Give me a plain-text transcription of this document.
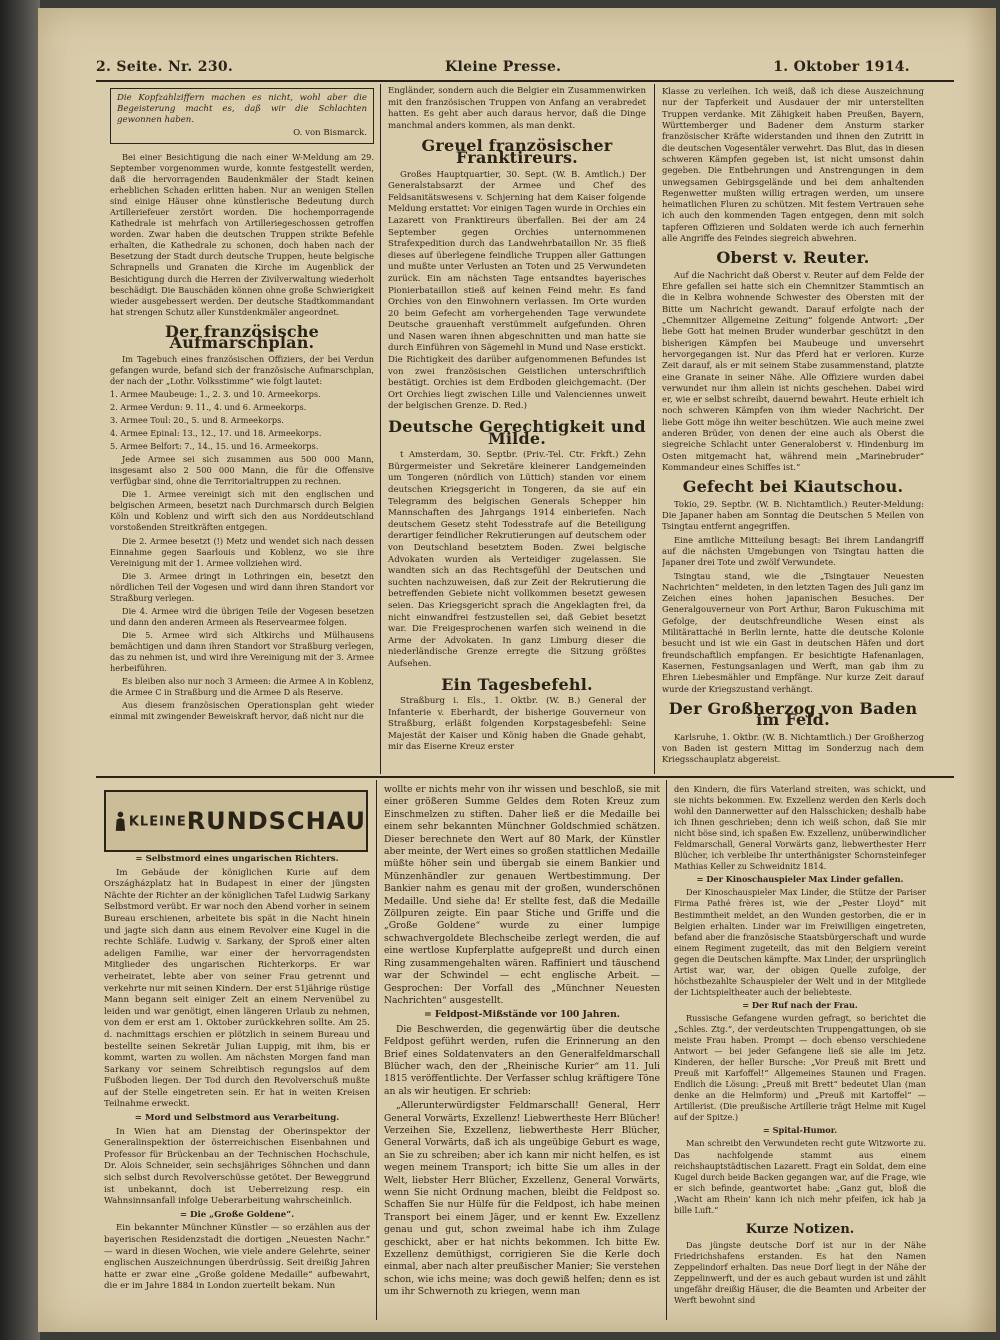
2. Seite. Nr. 230.	Kleine Presse.	1. Oktober 1914.
Die Kopfzahlziffern machen es nicht, wohl aber die Begeisterung macht es, daß wir die Schlachten gewonnen haben.
O. von Bismarck.

Bei einer Besichtigung die nach einer W-Meldung am 29. September vorgenommen wurde, konnte festgestellt werden, daß die hervorragenden Baudenkmäler der Stadt keinen erheblichen Schaden erlitten haben. Nur an wenigen Stellen sind einige Häuser ohne künstlerische Bedeutung durch Artilleriefeuer zerstört worden. Die hochemporragende Kathedrale ist mehrfach von Artilleriegeschossen getroffen worden. Zwar haben die deutschen Truppen strikte Befehle erhalten, die Kathedrale zu schonen, doch haben nach der Besetzung der Stadt durch deutsche Truppen, heute belgische Schrapnells und Granaten die Kirche im Augenblick der Besichtigung durch die Herren der Zivilverwaltung wiederholt beschädigt. Die Bauschäden können ohne große Schwierigkeit wieder ausgebessert werden. Der deutsche Stadtkommandant hat strengen Schutz aller Kunstdenkmäler angeordnet.

Der französische Aufmarschplan.

Im Tagebuch eines französischen Offiziers, der bei Verdun gefangen wurde, befand sich der französische Aufmarschplan, der nach der „Lothr. Volksstimme“ wie folgt lautet:

1. Armee Maubeuge: 1., 2. 3. und 10. Armeekorps.

2. Armee Verdun: 9. 11., 4. und 6. Armeekorps.

3. Armee Toul: 20., 5. und 8. Armeekorps.

4. Armee Epinal: 13., 12., 17. und 18. Armeekorps.

5. Armee Belfort: 7., 14., 15. und 16. Armeekorps.

Jede Armee sei sich zusammen aus 500 000 Mann, insgesamt also 2 500 000 Mann, die für die Offensive verfügbar sind, ohne die Territorialtruppen zu rechnen.

Die 1. Armee vereinigt sich mit den englischen und belgischen Armeen, besetzt nach Durchmarsch durch Belgien Köln und Koblenz und wirft sich den aus Norddeutschland vorstoßenden Streitkräften entgegen.

Die 2. Armee besetzt (!) Metz und wendet sich nach dessen Einnahme gegen Saarlouis und Koblenz, wo sie ihre Vereinigung mit der 1. Armee vollziehen wird.

Die 3. Armee dringt in Lothringen ein, besetzt den nördlichen Teil der Vogesen und wird dann ihren Standort vor Straßburg verlegen.

Die 4. Armee wird die übrigen Teile der Vogesen besetzen und dann den anderen Armeen als Reservearmee folgen.

Die 5. Armee wird sich Altkirchs und Mülhausens bemächtigen und dann ihren Standort vor Straßburg verlegen, das zu nehmen ist, und wird ihre Vereinigung mit der 3. Armee herbeiführen.

Es bleiben also nur noch 3 Armeen: die Armee A in Koblenz, die Armee C in Straßburg und die Armee D als Reserve.

Aus diesem französischen Operationsplan geht wieder einmal mit zwingender Beweiskraft hervor, daß nicht nur die

Engländer, sondern auch die Belgier ein Zusammenwirken mit den französischen Truppen von Anfang an verabredet hatten. Es geht aber auch daraus hervor, daß die Dinge manchmal anders kommen, als man denkt.

Greuel französischer Franktireurs.

Großes Hauptquartier, 30. Sept. (W. B. Amtlich.) Der Generalstabsarzt der Armee und Chef des Feldsanitätswesens v. Schjerning hat dem Kaiser folgende Meldung erstattet: Vor einigen Tagen wurde in Orchies ein Lazarett von Franktireurs überfallen. Bei der am 24 September gegen Orchies unternommenen Strafexpedition durch das Landwehrbataillon Nr. 35 fließ dieses auf überlegene feindliche Truppen aller Gattungen und mußte unter Verlusten an Toten und 25 Verwundeten zurück. Ein am nächsten Tage entsandtes bayerisches Pionierbataillon stieß auf keinen Feind mehr. Es fand Orchies von den Einwohnern verlassen. Im Orte wurden 20 beim Gefecht am vorhergehenden Tage verwundete Deutsche grauenhaft verstümmelt aufgefunden. Ohren und Nasen waren ihnen abgeschnitten und man hatte sie durch Einführen von Sägemehl in Mund und Nase erstickt. Die Richtigkeit des darüber aufgenommenen Befundes ist von zwei französischen Geistlichen unterschriftlich bestätigt. Orchies ist dem Erdboden gleichgemacht. (Der Ort Orchies liegt zwischen Lille und Valenciennes unweit der belgischen Grenze. D. Red.)

Deutsche Gerechtigkeit und Milde.

t Amsterdam, 30. Septbr. (Priv.-Tel. Ctr. Frkft.) Zehn Bürgermeister und Sekretäre kleinerer Landgemeinden um Tongeren (nördlich von Lüttich) standen vor einem deutschen Kriegsgericht in Tongeren, da sie auf ein Telegramm des belgischen Generals Schepper hin Mannschaften des Jahrgangs 1914 einberiefen. Nach deutschem Gesetz steht Todesstrafe auf die Beteiligung derartiger feindlicher Rekrutierungen auf deutschem oder von Deutschland besetztem Boden. Zwei belgische Advokaten wurden als Verteidiger zugelassen. Sie wandten sich an das Rechtsgefühl der Deutschen und suchten nachzuweisen, daß zur Zeit der Rekrutierung die betreffenden Gebiete nicht vollkommen besetzt gewesen seien. Das Kriegsgericht sprach die Angeklagten frei, da nicht einwandfrei festzustellen sei, daß Gebiet besetzt war. Die Freigesprochenen warfen sich weinend in die Arme der Advokaten. In ganz Limburg dieser die niederländische Grenze erregte die Sitzung größtes Aufsehen.

Ein Tagesbefehl.

Straßburg i. Els., 1. Oktbr. (W. B.) General der Infanterie v. Eberhardt, der bisherige Gouverneur von Straßburg, erläßt folgenden Korpstagesbefehl: Seine Majestät der Kaiser und König haben die Gnade gehabt, mir das Eiserne Kreuz erster

Klasse zu verleihen. Ich weiß, daß ich diese Auszeichnung nur der Tapferkeit und Ausdauer der mir unterstellten Truppen verdanke. Mit Zähigkeit haben Preußen, Bayern, Württemberger und Badener dem Ansturm starker französischer Kräfte widerstanden und ihnen den Zutritt in die deutschen Vogesentäler verwehrt. Das Blut, das in diesen schweren Kämpfen gegeben ist, ist nicht umsonst dahin gegeben. Die Entbehrungen und Anstrengungen in dem unwegsamen Gebirgsgelände und bei dem anhaltenden Regenwetter mußten willig ertragen werden, um unsere heimatlichen Fluren zu schützen. Mit festem Vertrauen sehe ich auch den kommenden Tagen entgegen, denn mit solch tapferen Offizieren und Soldaten werde ich auch fernerhin alle Angriffe des Feindes siegreich abwehren.

Oberst v. Reuter.

Auf die Nachricht daß Oberst v. Reuter auf dem Felde der Ehre gefallen sei hatte sich ein Chemnitzer Stammtisch an die in Kelbra wohnende Schwester des Obersten mit der Bitte um Nachricht gewandt. Darauf erfolgte nach der „Chemnitzer Allgemeine Zeitung“ folgende Antwort: „Der liebe Gott hat meinen Bruder wunderbar geschützt in den bisherigen Kämpfen bei Maubeuge und unversehrt hervorgegangen ist. Nur das Pferd hat er verloren. Kurze Zeit darauf, als er mit seinem Stabe zusammenstand, platzte eine Granate in seiner Nähe. Alle Offiziere wurden dabei verwundet nur ihm allein ist nichts geschehen. Dabei wird er, wie er selbst schreibt, dauernd bewahrt. Heute erhielt ich noch schweren Kämpfen von ihm wieder Nachricht. Der liebe Gott möge ihn weiter beschützen. Wie auch meine zwei anderen Brüder, von denen der eine auch als Oberst die siegreiche Schlacht unter Generaloberst v. Hindenburg im Osten mitgemacht hat, während mein „Marinebruder“ Kommandeur eines Schiffes ist.“

Gefecht bei Kiautschou.

Tokio, 29. Septbr. (W. B. Nichtamtlich.) Reuter-Meldung: Die Japaner haben am Sonntag die Deutschen 5 Meilen von Tsingtau entfernt angegriffen.

Eine amtliche Mitteilung besagt: Bei ihrem Landangriff auf die nächsten Umgebungen von Tsingtau hatten die Japaner drei Tote und zwölf Verwundete.

Tsingtau stand, wie die „Tsingtauer Neuesten Nachrichten“ meldeten, in den letzten Tagen des Juli ganz im Zeichen eines hohen japanischen Besuches. Der Generalgouverneur von Port Arthur, Baron Fukuschima mit Gefolge, der deutschfreundliche Wesen einst als Militärattaché in Berlin lernte, hatte die deutsche Kolonie besucht und ist wie ein Gast in deutschen Häfen und dort freundschaftlich empfangen. Er besichtigte Hafenanlagen, Kasernen, Festungsanlagen und Werft, man gab ihm zu Ehren Liebesmähler und Empfänge. Nur kurze Zeit darauf wurde der Kriegszustand verhängt.

Der Großherzog von Baden im Feld.

Karlsruhe, 1. Oktbr. (W. B. Nichtamtlich.) Der Großherzog von Baden ist gestern Mittag im Sonderzug nach dem Kriegsschauplatz abgereist.

KLEINERUNDSCHAU

= Selbstmord eines ungarischen Richters.

Im Gebäude der königlichen Kurie auf dem Országházplatz hat in Budapest in einer der jüngsten Nächte der Richter an der königlichen Tafel Ludwig Sarkany Selbstmord verübt. Er war noch den Abend vorher in seinem Bureau erschienen, arbeitete bis spät in die Nacht hinein und jagte sich dann aus einem Revolver eine Kugel in die rechte Schläfe. Ludwig v. Sarkany, der Sproß einer alten adeligen Familie, war einer der hervorragendsten Mitglieder des ungarischen Richterkorps. Er war verheiratet, lebte aber von seiner Frau getrennt und verkehrte nur mit seinen Kindern. Der erst 51jährige rüstige Mann begann seit einiger Zeit an einem Nervenübel zu leiden und war genötigt, einen längeren Urlaub zu nehmen, von dem er erst am 1. Oktober zurückkehren sollte. Am 25. d. nachmittags erschien er plötzlich in seinem Bureau und bestellte seinen Sekretär Julian Luppig, mit ihm, bis er kommt, warten zu wollen. Am nächsten Morgen fand man Sarkany vor seinem Schreibtisch regungslos auf dem Fußboden liegen. Der Tod durch den Revolverschuß mußte auf der Stelle eingetreten sein. Er hat in weiten Kreisen Teilnahme erweckt.

= Mord und Selbstmord aus Verarbeitung.

In Wien hat am Dienstag der Oberinspektor der Generalinspektion der österreichischen Eisenbahnen und Professor für Brückenbau an der Technischen Hochschule, Dr. Alois Schneider, sein sechsjähriges Söhnchen und dann sich selbst durch Revolverschüsse getötet. Der Beweggrund ist unbekannt, doch ist Ueberreizung resp. ein Wahnsinnsanfall infolge Ueberarbeitung wahrscheinlich.

= Die „Große Goldene“.

Ein bekannter Münchner Künstler — so erzählen aus der bayerischen Residenzstadt die dortigen „Neuesten Nachr.“ — ward in diesen Wochen, wie viele andere Gelehrte, seiner englischen Auszeichnungen überdrüssig. Seit dreißig Jahren hatte er zwar eine „Große goldene Medaille“ aufbewahrt, die er im Jahre 1884 in London zuerteilt bekam. Nun

wollte er nichts mehr von ihr wissen und beschloß, sie mit einer größeren Summe Geldes dem Roten Kreuz zum Einschmelzen zu stiften. Daher ließ er die Medaille bei einem sehr bekannten Münchner Goldschmied schätzen. Dieser berechnete den Wert auf 80 Mark, der Künstler aber meinte, der Wert eines so großen stattlichen Medaille müßte höher sein und übergab sie einem Bankier und Münzenhändler zur genauen Wertbestimmung. Der Bankier nahm es genau mit der großen, wunderschönen Medaille. Und siehe da! Er stellte fest, daß die Medaille Zöllpuren zeigte. Ein paar Stiche und Griffe und die „Große Goldene“ wurde zu einer lumpige schwachvergoldete Blechscheibe zerlegt werden, die auf eine wertlose Kupferplatte aufgepreßt und durch einen Ring zusammengehalten wären. Raffiniert und täuschend war der Schwindel — echt englische Arbeit. — Gesprochen: Der Vorfall des „Münchner Neuesten Nachrichten“ ausgestellt.

= Feldpost-Mißstände vor 100 Jahren.

Die Beschwerden, die gegenwärtig über die deutsche Feldpost geführt werden, rufen die Erinnerung an den Brief eines Soldatenvaters an den Generalfeldmarschall Blücher wach, den der „Rheinische Kurier“ am 11. Juli 1815 veröffentlichte. Der Verfasser schlug kräftigere Töne an als wir heutigen. Er schrieb:

„Allerunterwürdigster Feldmarschall! General, Herr General Vorwärts, Exzellenz! Liebwertheste Herr Blücher! Verzeihen Sie, Exzellenz, liebwertheste Herr Blücher, General Vorwärts, daß ich als ungeübige Geburt es wage, an Sie zu schreiben; aber ich kann mir nicht helfen, es ist wegen meinem Transport; ich bitte Sie um alles in der Welt, liebster Herr Blücher, Exzellenz, General Vorwärts, wenn Sie nicht Ordnung machen, bleibt die Feldpost so. Schaffen Sie nur Hülfe für die Feldpost, ich habe meinen Transport bei einem Jäger, und er kennt Ew. Exzellenz genau und gut, schon zweimal habe ich ihm Zulage geschickt, aber er hat nichts bekommen. Ich bitte Ew. Exzellenz demüthigst, corrigieren Sie die Kerle doch einmal, aber nach alter preußischer Manier; Sie verstehen schon, wie ichs meine; was doch gewiß helfen; denn es ist um ihr Schwernoth zu kriegen, wenn man

den Kindern, die fürs Vaterland streiten, was schickt, und sie nichts bekommen. Ew. Exzellenz werden den Kerls doch wohl den Dannerwetter auf den Halsschicken; deshalb habe ich Ihnen geschrieben; denn ich weiß schon, daß Sie mir nicht böse sind, ich spaßen Ew. Exzellenz, unüberwindlicher Feldmarschall, General Vorwärts ganz, liebwerthester Herr Blücher, ich verbleibe Ihr unterthänigster Schornsteinfeger Mathias Keller zu Schweidnitz 1814.

= Der Kinoschauspieler Max Linder gefallen.

Der Kinoschauspieler Max Linder, die Stütze der Pariser Firma Pathé frères ist, wie der „Pester Lloyd“ mit Bestimmtheit meldet, an den Wunden gestorben, die er in Belgien erhalten. Linder war im Freiwilligen eingetreten, befand aber die französische Staatsbürgerschaft und wurde einem Regiment zugeteilt, das mit den Belgiern vereint gegen die Deutschen kämpfte. Max Linder, der ursprünglich Artist war, war, der obigen Quelle zufolge, der höchstbezahlte Schauspieler der Welt und in der Mitgliede der Lichtspieltheater auch der beliebteste.

= Der Ruf nach der Frau.

Russische Gefangene wurden gefragt, so berichtet die „Schles. Ztg.“, der verdeutschten Truppengattungen, ob sie meiste Frau haben. Prompt — doch ebenso verschiedene Antwort — bei jeder Gefangene ließ sie alle im Jetz. Kinderen, der heller Bursche: „Vor Preuß mit Brett und Preuß mit Karfoffel!“ Allgemeines Staunen und Fragen. Endlich die Lösung: „Preuß mit Brett“ bedeutet Ulan (man denke an die Helmform) und „Preuß mit Kartoffel“ — Artillerist. (Die preußische Artillerie trägt Helme mit Kugel auf der Spitze.)

= Spital-Humor.

Man schreibt den Verwundeten recht gute Witzworte zu. Das nachfolgende stammt aus einem reichshauptstädtischen Lazarett. Fragt ein Soldat, dem eine Kugel durch beide Backen gegangen war, auf die Frage, wie er sich befinde, geantwortet habe: „Ganz gut, bloß die ‚Wacht am Rhein‘ kann ich nich mehr pfeifen, ick hab ja bille Luft.“

Kurze Notizen.

Das jüngste deutsche Dorf ist nur in der Nähe Friedrichshafens erstanden. Es hat den Namen Zeppelindorf erhalten. Das neue Dorf liegt in der Nähe der Zeppelinwerft, und der es auch gebaut wurden ist und zählt ungefähr dreißig Häuser, die die Beamten und Arbeiter der Werft bewohnt sind
